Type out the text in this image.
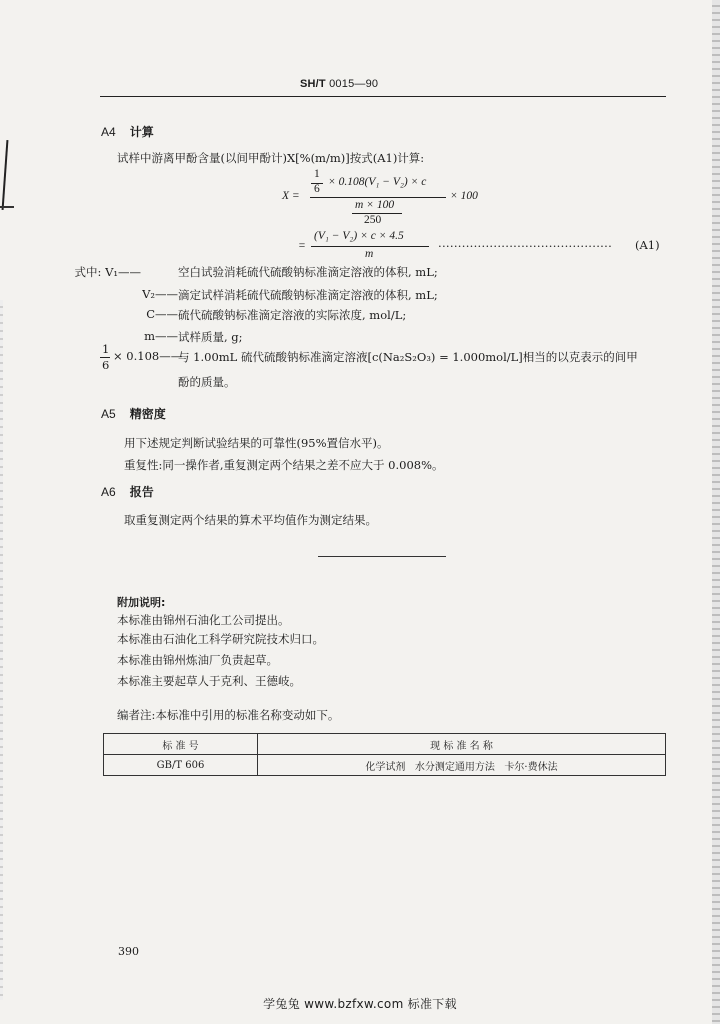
SH/T 0015—90
A4 计算
试样中游离甲酚含量(以间甲酚计)X[%(m/m)]按式(A1)计算:
X =
1
6
× 0.108(V₁ − V₂) × c
m × 100
250
× 100
=
(V₁ − V₂) × c × 4.5
m
............................................ (A1)
式中: V₁——	空白试验消耗硫代硫酸钠标准滴定溶液的体积, mL;
V₂—— 滴定试样消耗硫代硫酸钠标准滴定溶液的体积, mL;
C—— 硫代硫酸钠标准滴定溶液的实际浓度, mol/L;
m—— 试样质量, g;
1
6
× 0.108——
与 1.00mL 硫代硫酸钠标准滴定溶液[c(Na₂S₂O₃) = 1.000mol/L]相当的以克表示的间甲
酚的质量。
A5 精密度
用下述规定判断试验结果的可靠性(95%置信水平)。
重复性:同一操作者,重复测定两个结果之差不应大于 0.008%。
A6 报告
取重复测定两个结果的算术平均值作为测定结果。
附加说明:
本标准由锦州石油化工公司提出。
本标准由石油化工科学研究院技术归口。
本标准由锦州炼油厂负责起草。
本标准主要起草人于克利、王德岐。
编者注:本标准中引用的标准名称变动如下。
标 准 号	现 标 准 名 称
GB/T 606	化学试剂   水分测定通用方法   卡尔·费休法
390
学兔兔 www.bzfxw.com 标准下载
